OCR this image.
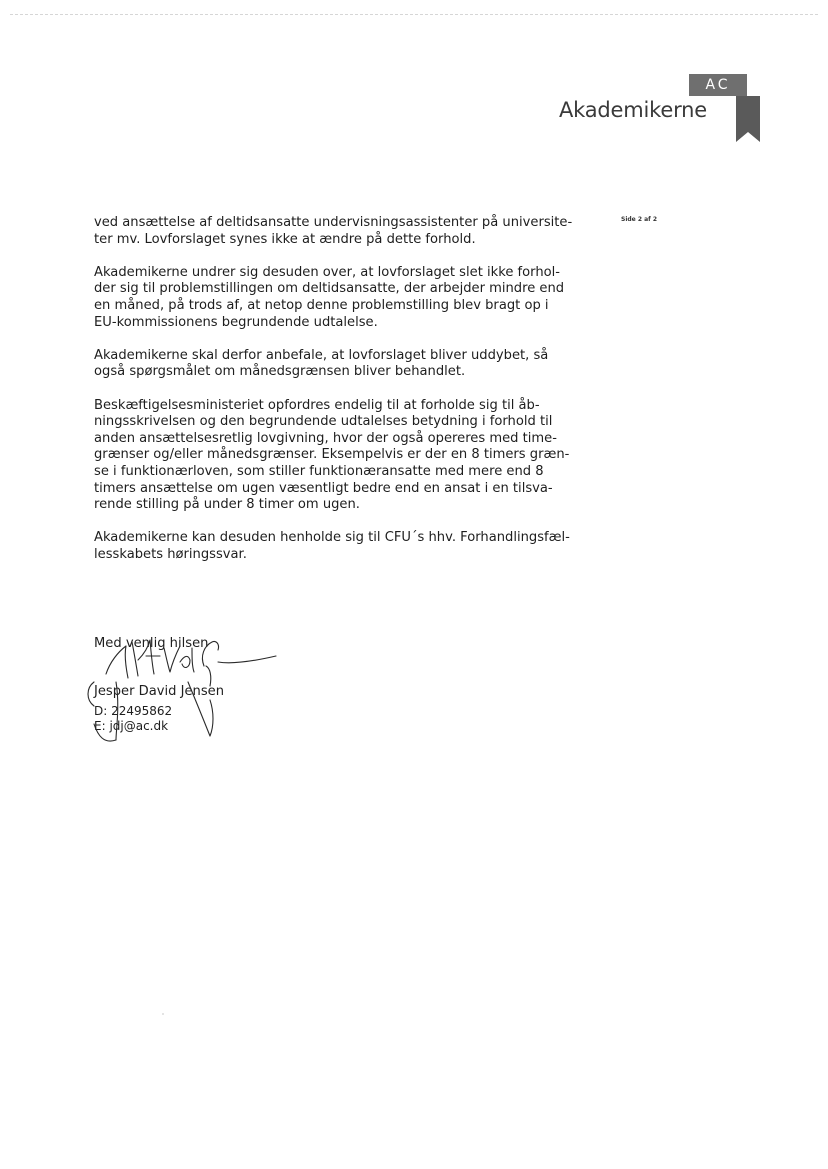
AC
Akademikerne
Side 2 af 2

ved ansættelse af deltidsansatte undervisningsassistenter på universite-
ter mv. Lovforslaget synes ikke at ændre på dette forhold.

Akademikerne undrer sig desuden over, at lovforslaget slet ikke forhol-
der sig til problemstillingen om deltidsansatte, der arbejder mindre end
en måned, på trods af, at netop denne problemstilling blev bragt op i
EU-kommissionens begrundende udtalelse.

Akademikerne skal derfor anbefale, at lovforslaget bliver uddybet, så
også spørgsmålet om månedsgrænsen bliver behandlet.

Beskæftigelsesministeriet opfordres endelig til at forholde sig til åb-
ningsskrivelsen og den begrundende udtalelses betydning i forhold til
anden ansættelsesretlig lovgivning, hvor der også opereres med time-
grænser og/eller månedsgrænser. Eksempelvis er der en 8 timers græn-
se i funktionærloven, som stiller funktionæransatte med mere end 8
timers ansættelse om ugen væsentligt bedre end en ansat i en tilsva-
rende stilling på under 8 timer om ugen.

Akademikerne kan desuden henholde sig til CFU´s hhv. Forhandlingsfæl-
lesskabets høringssvar.

Med venlig hilsen
Jesper David Jensen
D: 22495862
E: jdj@ac.dk
